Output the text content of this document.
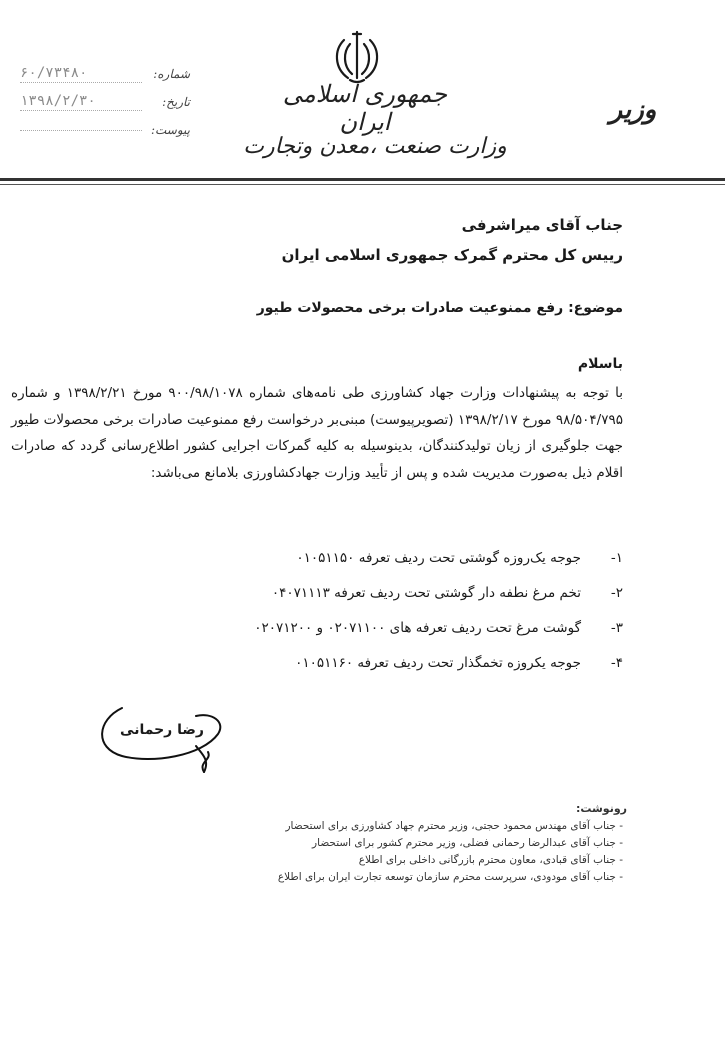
جمهوری اسلامی ایران
وزارت صنعت ،معدن وتجارت
وزیر
شماره:
۶۰/۷۳۴۸۰
تاریخ:
۱۳۹۸/۲/۳۰
پیوست:
جناب آقای میراشرفی
رییس کل محترم گمرک جمهوری اسلامی ایران
موضوع: رفع ممنوعیت صادرات برخی محصولات طیور
باسلام
با توجه به پیشنهادات وزارت جهاد کشاورزی طی نامه‌های شماره ۹۰۰/۹۸/۱۰۷۸ مورخ ۱۳۹۸/۲/۲۱ و شماره ۹۸/۵۰۴/۷۹۵ مورخ ۱۳۹۸/۲/۱۷ (تصویرپیوست) مبنی‌بر درخواست رفع ممنوعیت صادرات برخی محصولات طیور جهت جلوگیری از زیان تولیدکنندگان، بدینوسیله به کلیه گمرکات اجرایی کشور اطلاع‌رسانی گردد که صادرات اقلام ذیل به‌صورت مدیریت شده و پس از تأیید وزارت جهادکشاورزی بلامانع می‌باشد:
۱-
جوجه یک‌روزه گوشتی تحت ردیف تعرفه ۰۱۰۵۱۱۵۰
۲-
تخم مرغ نطفه دار گوشتی تحت ردیف تعرفه ۰۴۰۷۱۱۱۳
۳-
گوشت مرغ تحت ردیف تعرفه های ۰۲۰۷۱۱۰۰ و ۰۲۰۷۱۲۰۰
۴-
جوجه یکروزه تخمگذار تحت ردیف تعرفه ۰۱۰۵۱۱۶۰
رضا رحمانی
رونوشت:
- جناب آقای مهندس محمود حجتی، وزیر محترم جهاد کشاورزی برای استحضار
- جناب آقای عبدالرضا رحمانی فضلی، وزیر محترم کشور برای استحضار
- جناب آقای قبادی، معاون محترم بازرگانی داخلی برای اطلاع
- جناب آقای مودودی، سرپرست محترم سازمان توسعه تجارت ایران برای اطلاع
